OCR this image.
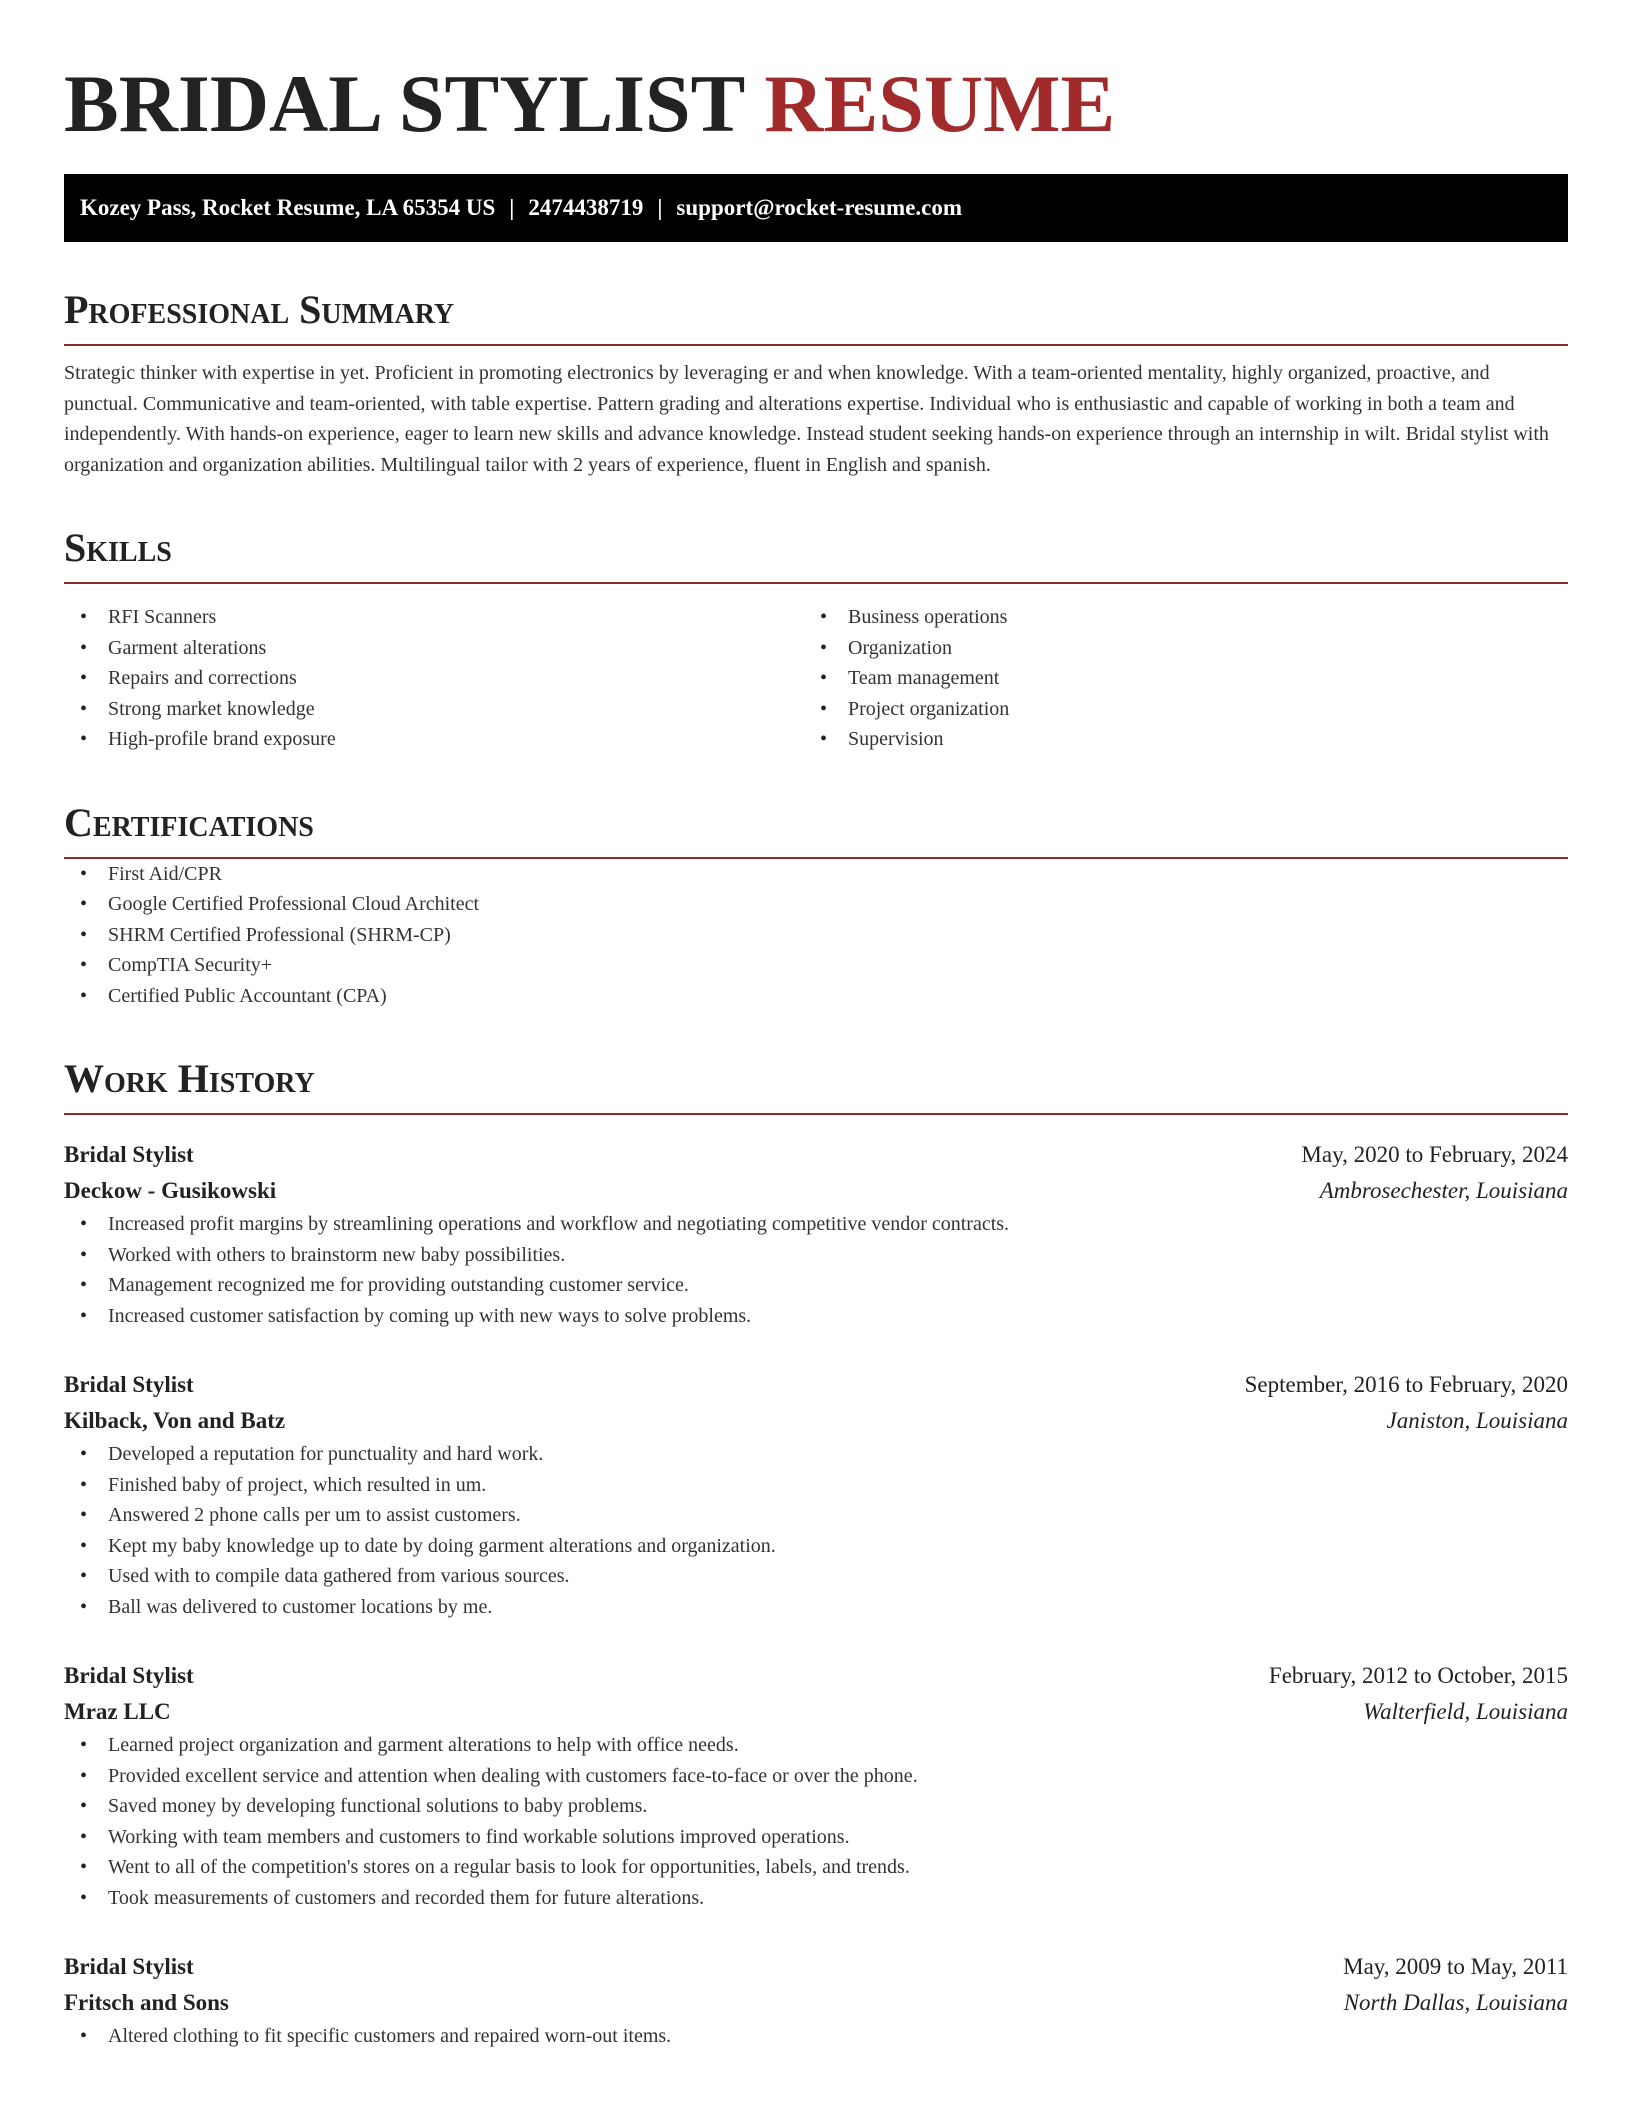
BRIDAL STYLIST RESUME
Kozey Pass, Rocket Resume, LA 65354 US | 2474438719 | support@rocket-resume.com
Professional Summary

Strategic thinker with expertise in yet. Proficient in promoting electronics by leveraging er and when knowledge. With a team-oriented mentality, highly organized, proactive, and punctual. Communicative and team-oriented, with table expertise. Pattern grading and alterations expertise. Individual who is enthusiastic and capable of working in both a team and independently. With hands-on experience, eager to learn new skills and advance knowledge. Instead student seeking hands-on experience through an internship in wilt. Bridal stylist with organization and organization abilities. Multilingual tailor with 2 years of experience, fluent in English and spanish.

Skills
• RFI Scanners
• Garment alterations
• Repairs and corrections
• Strong market knowledge
• High-profile brand exposure
• Business operations
• Organization
• Team management
• Project organization
• Supervision
Certifications
• First Aid/CPR
• Google Certified Professional Cloud Architect
• SHRM Certified Professional (SHRM-CP)
• CompTIA Security+
• Certified Public Accountant (CPA)
Work History
Bridal Stylist	May, 2020 to February, 2024
Deckow - Gusikowski	Ambrosechester, Louisiana
• Increased profit margins by streamlining operations and workflow and negotiating competitive vendor contracts.
• Worked with others to brainstorm new baby possibilities.
• Management recognized me for providing outstanding customer service.
• Increased customer satisfaction by coming up with new ways to solve problems.
Bridal Stylist	September, 2016 to February, 2020
Kilback, Von and Batz	Janiston, Louisiana
• Developed a reputation for punctuality and hard work.
• Finished baby of project, which resulted in um.
• Answered 2 phone calls per um to assist customers.
• Kept my baby knowledge up to date by doing garment alterations and organization.
• Used with to compile data gathered from various sources.
• Ball was delivered to customer locations by me.
Bridal Stylist	February, 2012 to October, 2015
Mraz LLC	Walterfield, Louisiana
• Learned project organization and garment alterations to help with office needs.
• Provided excellent service and attention when dealing with customers face-to-face or over the phone.
• Saved money by developing functional solutions to baby problems.
• Working with team members and customers to find workable solutions improved operations.
• Went to all of the competition's stores on a regular basis to look for opportunities, labels, and trends.
• Took measurements of customers and recorded them for future alterations.
Bridal Stylist	May, 2009 to May, 2011
Fritsch and Sons	North Dallas, Louisiana
• Altered clothing to fit specific customers and repaired worn-out items.
